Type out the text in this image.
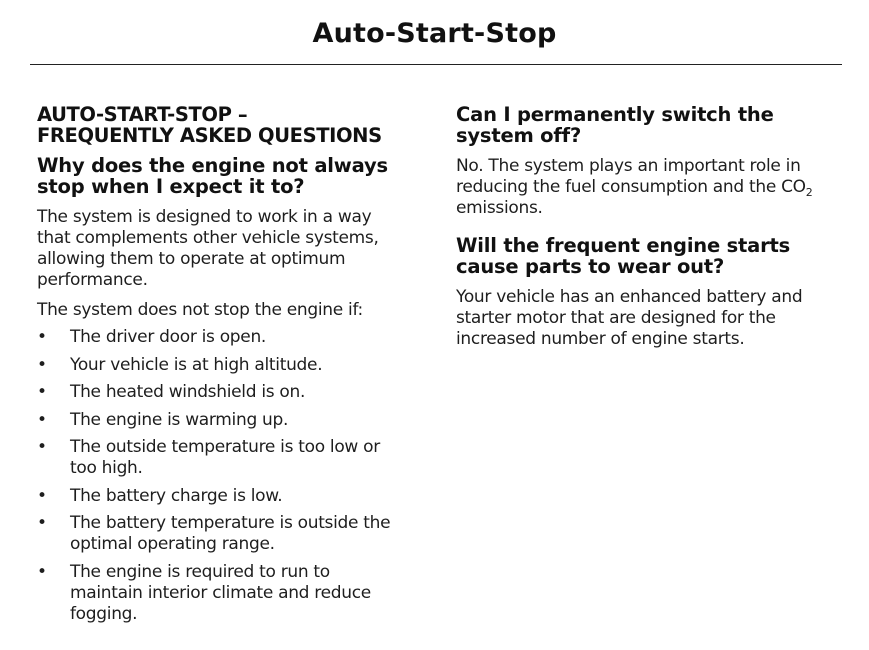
Auto-Start-Stop
AUTO-START-STOP –
FREQUENTLY ASKED QUESTIONS
Why does the engine not always
stop when I expect it to?

The system is designed to work in a way
that complements other vehicle systems,
allowing them to operate at optimum
performance.

The system does not stop the engine if:

• The driver door is open.
• Your vehicle is at high altitude.
• The heated windshield is on.
• The engine is warming up.
• The outside temperature is too low or
too high.
• The battery charge is low.
• The battery temperature is outside the
optimal operating range.
• The engine is required to run to
maintain interior climate and reduce
fogging.
Can I permanently switch the
system off?

No. The system plays an important role in
reducing the fuel consumption and the $CO_2$
emissions.

Will the frequent engine starts
cause parts to wear out?

Your vehicle has an enhanced battery and
starter motor that are designed for the
increased number of engine starts.
